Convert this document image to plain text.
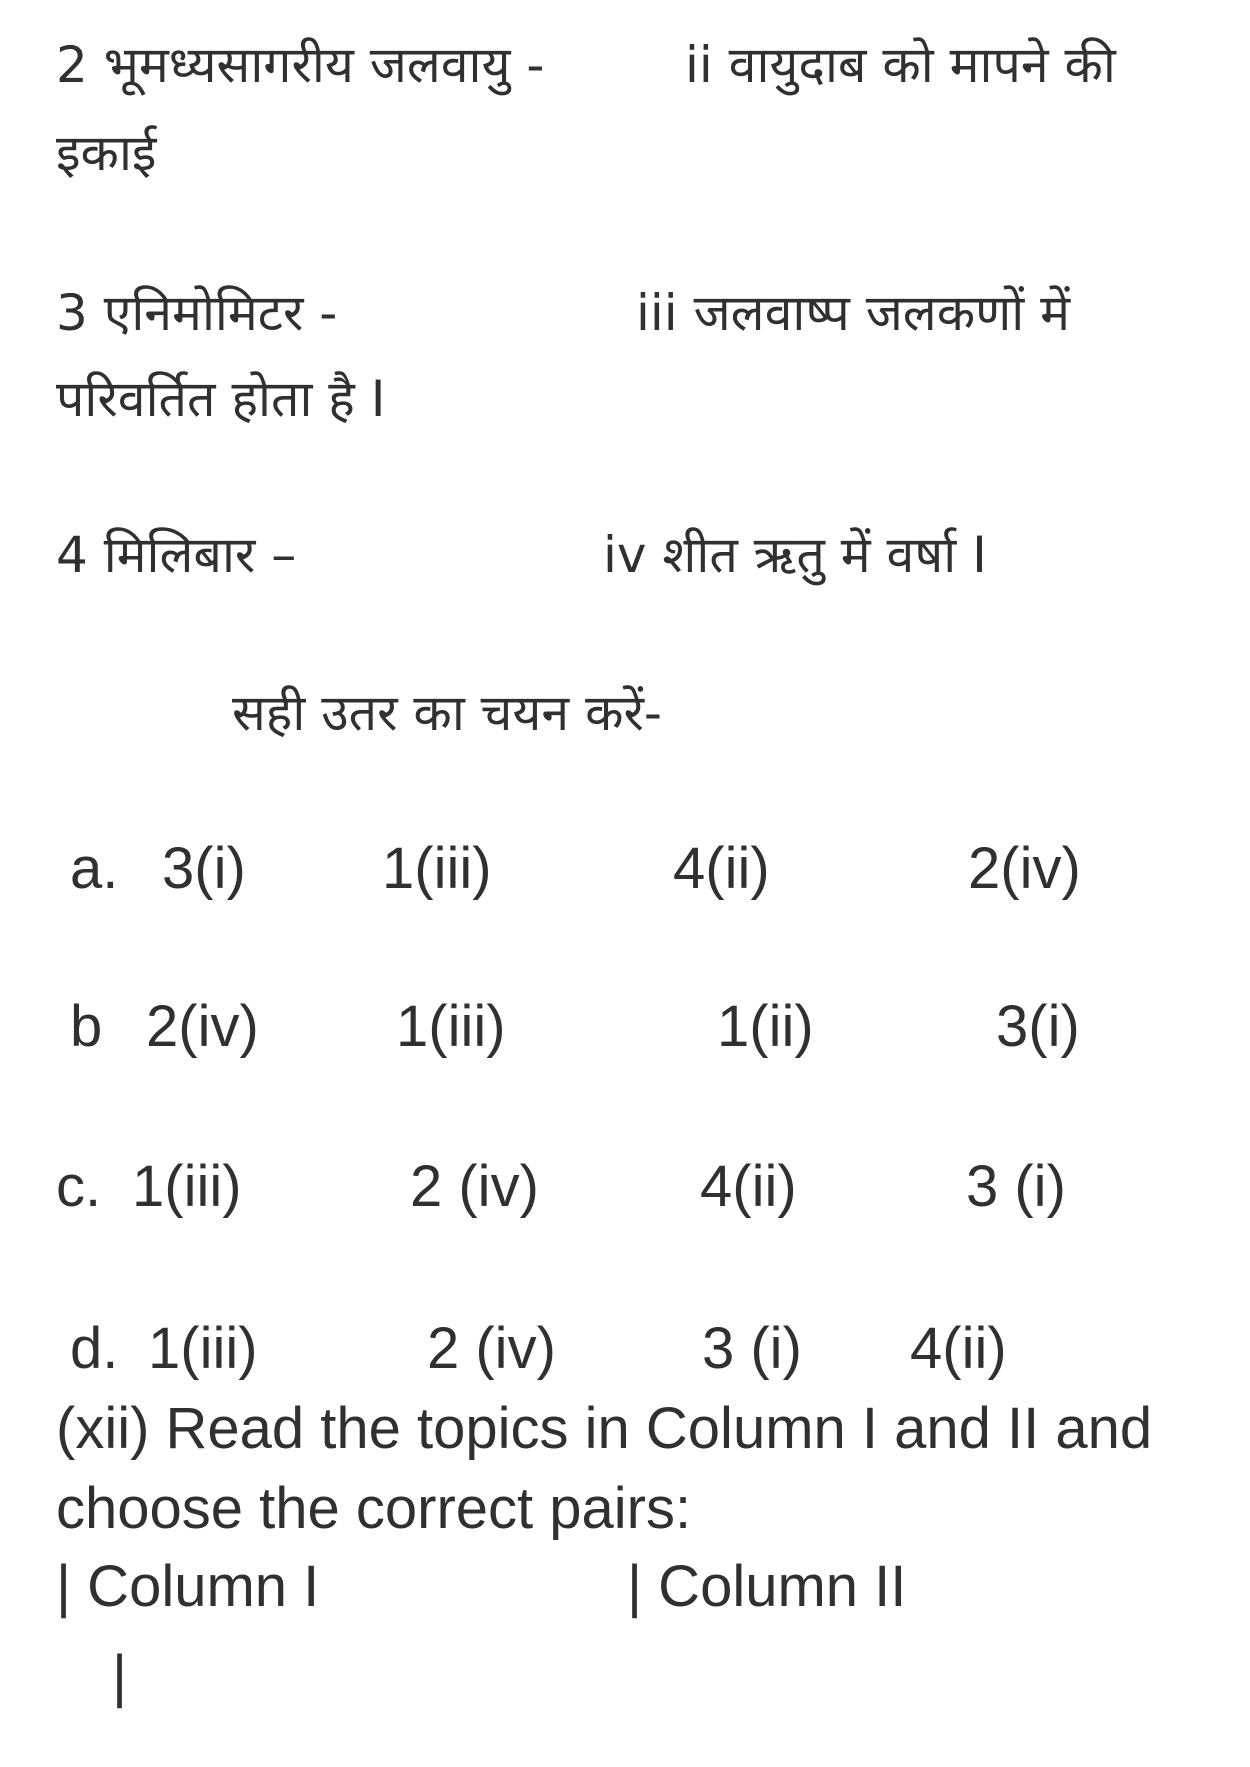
2 भूमध्यसागरीय जलवायु -	ii वायुदाब को मापने की
इकाई
3 एनिमोमिटर -	iii जलवाष्प जलकणों में
परिवर्तित होता है I
4 मिलिबार –	iv शीत ऋतु में वर्षा I
सही उतर का चयन करें-
a. 3(i) 1(iii)	4(ii)	2(iv)
b 2(iv) 1(iii)	1(ii)	3(i)
c. 1(iii)	2 (iv)	4(ii)	3 (i)
d. 1(iii)	2 (iv)	3 (i) 4(ii)
(xii) Read the topics in Column I and II and
choose the correct pairs:
| Column I	| Column II
|
